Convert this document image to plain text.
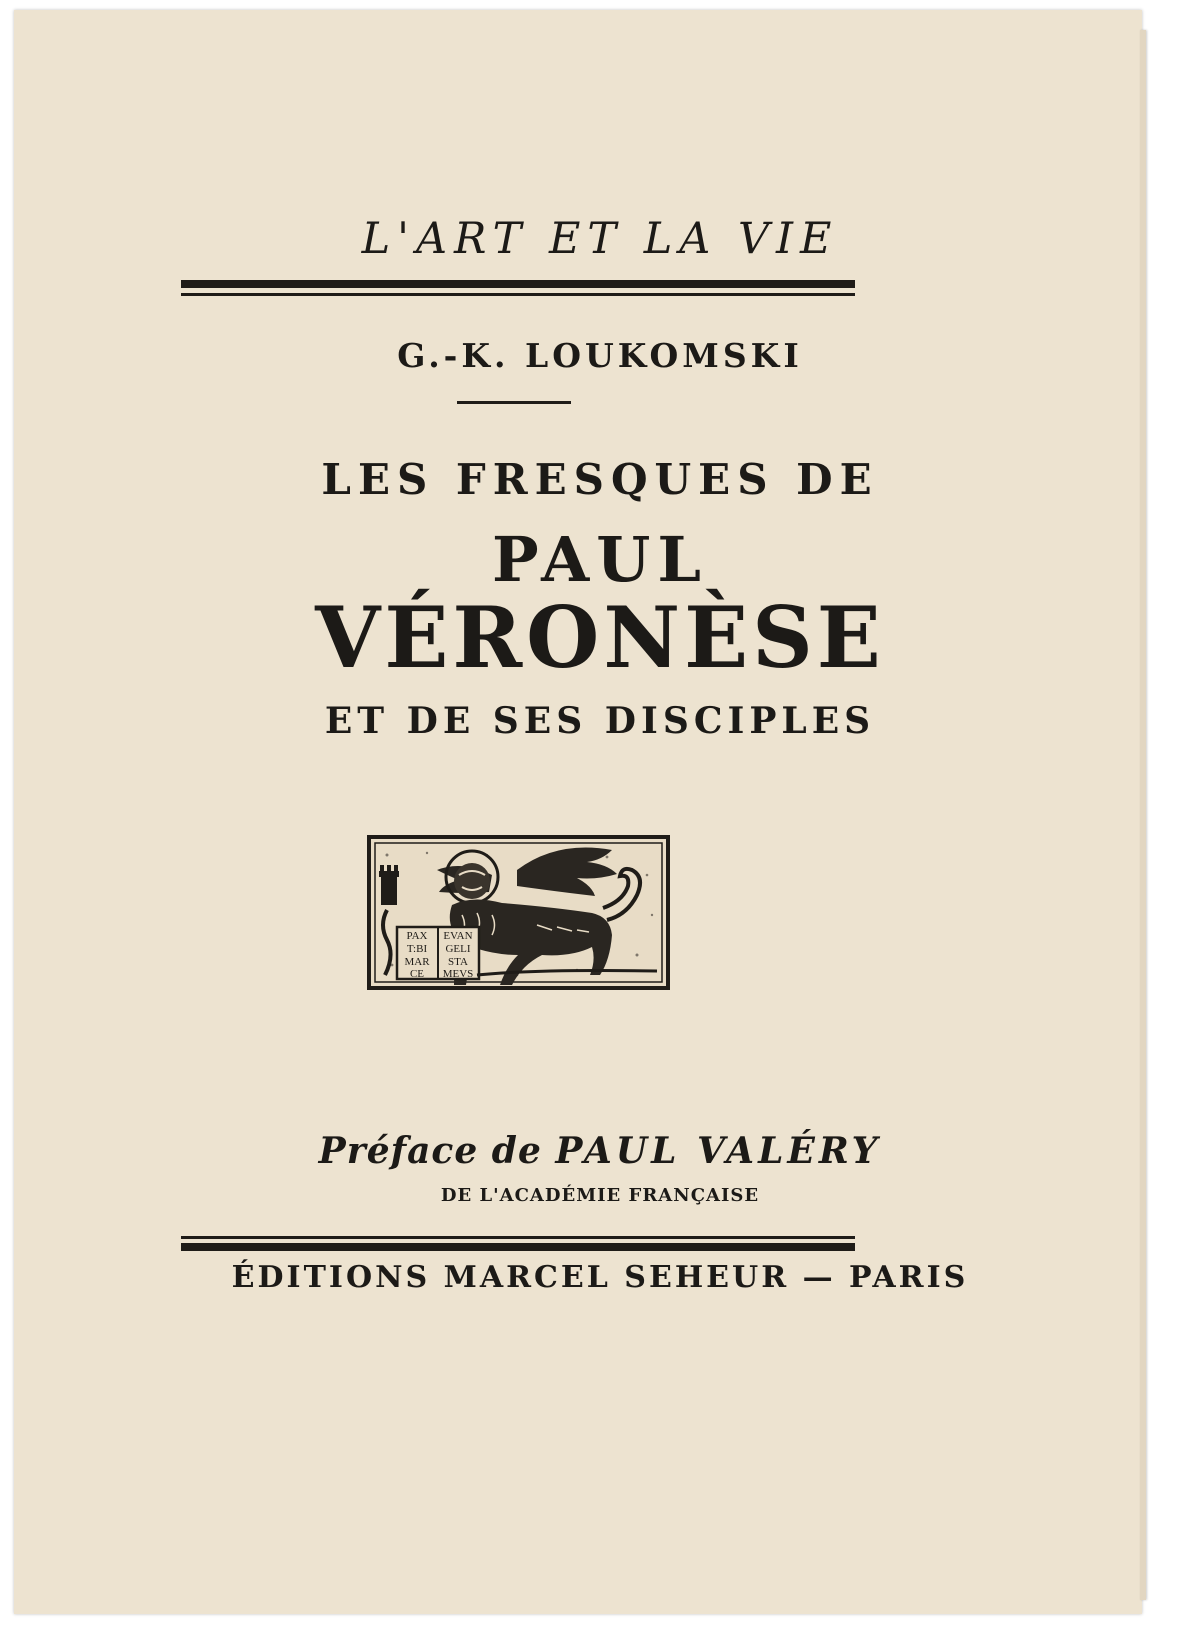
L'ART ET LA VIE
G.-K. LOUKOMSKI
LES FRESQUES DE
PAUL
VÉRONÈSE
ET DE SES DISCIPLES
PAX EVAN
T:BI GELI
MAR STA
CE MEVS
Préface de PAUL VALÉRY
DE L'ACADÉMIE FRANÇAISE
ÉDITIONS MARCEL SEHEUR — PARIS
